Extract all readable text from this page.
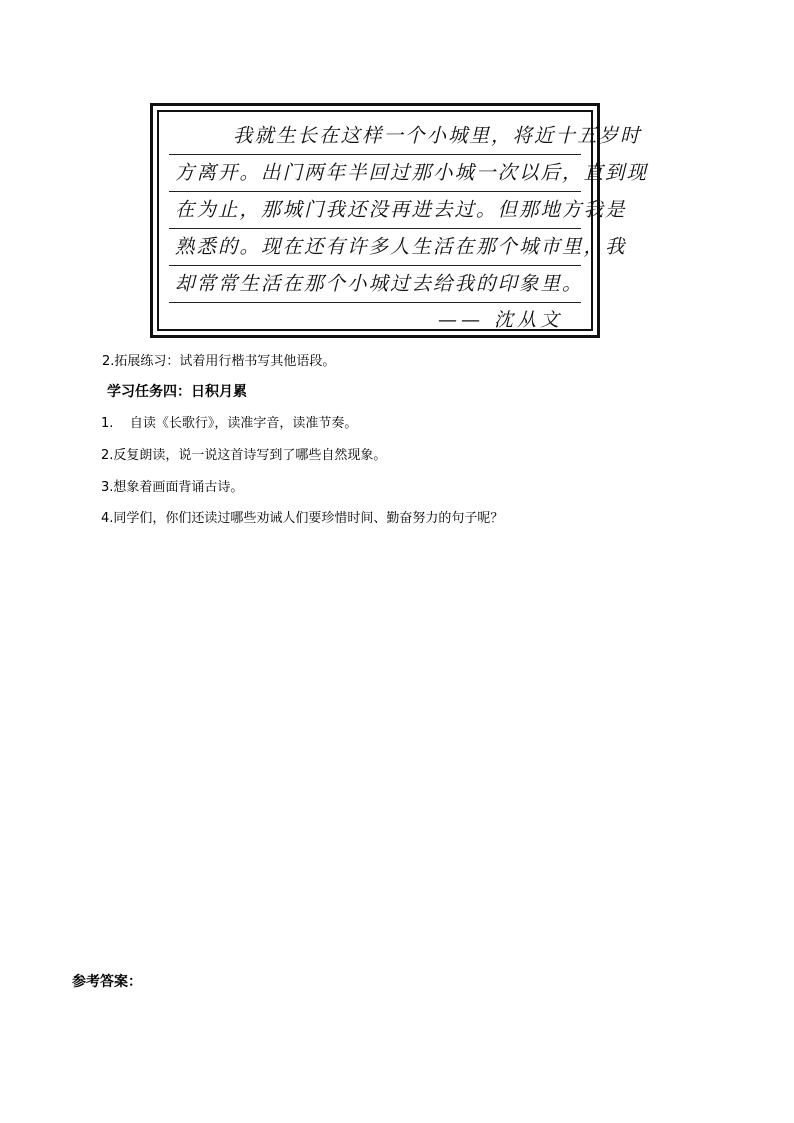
我就生长在这样一个小城里，将近十五岁时
方离开。出门两年半回过那小城一次以后，直到现
在为止，那城门我还没再进去过。但那地方我是
熟悉的。现在还有许多人生活在那个城市里，我
却常常生活在那个小城过去给我的印象里。
—— 沈从文
2.拓展练习：试着用行楷书写其他语段。
学习任务四：日积月累
1.    自读《长歌行》，读准字音，读准节奏。
2.反复朗读，说一说这首诗写到了哪些自然现象。
3.想象着画面背诵古诗。
4.同学们，你们还读过哪些劝诫人们要珍惜时间、勤奋努力的句子呢？
参考答案：
